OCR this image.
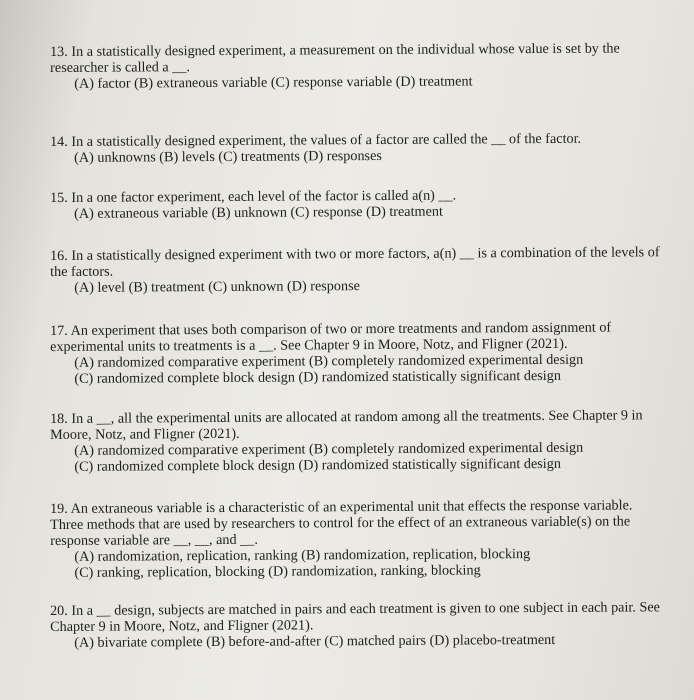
13. In a statistically designed experiment, a measurement on the individual whose value is set by the researcher is called a __.
(A) factor (B) extraneous variable (C) response variable (D) treatment
14. In a statistically designed experiment, the values of a factor are called the __ of the factor.
(A) unknowns (B) levels (C) treatments (D) responses
15. In a one factor experiment, each level of the factor is called a(n) __.
(A) extraneous variable (B) unknown (C) response (D) treatment
16. In a statistically designed experiment with two or more factors, a(n) __ is a combination of the levels of the factors.
(A) level (B) treatment (C) unknown (D) response
17. An experiment that uses both comparison of two or more treatments and random assignment of experimental units to treatments is a __. See Chapter 9 in Moore, Notz, and Fligner (2021).
(A) randomized comparative experiment (B) completely randomized experimental design
(C) randomized complete block design (D) randomized statistically significant design
18. In a __, all the experimental units are allocated at random among all the treatments. See Chapter 9 in Moore, Notz, and Fligner (2021).
(A) randomized comparative experiment (B) completely randomized experimental design
(C) randomized complete block design (D) randomized statistically significant design
19. An extraneous variable is a characteristic of an experimental unit that effects the response variable. Three methods that are used by researchers to control for the effect of an extraneous variable(s) on the response variable are __, __, and __.
(A) randomization, replication, ranking (B) randomization, replication, blocking
(C) ranking, replication, blocking (D) randomization, ranking, blocking
20. In a __ design, subjects are matched in pairs and each treatment is given to one subject in each pair. See Chapter 9 in Moore, Notz, and Fligner (2021).
(A) bivariate complete (B) before-and-after (C) matched pairs (D) placebo-treatment
